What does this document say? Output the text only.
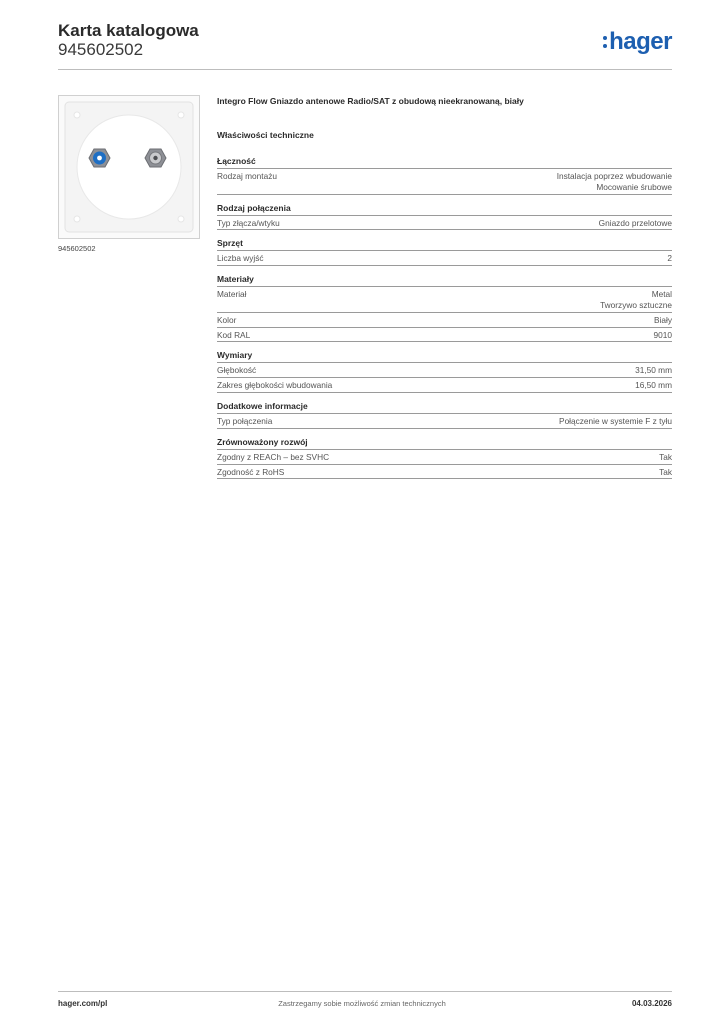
Karta katalogowa
945602502	hager
945602502
Integro Flow Gniazdo antenowe Radio/SAT z obudową nieekranowaną, biały
Właściwości techniczne
Łączność
Rodzaj montażu	Instalacja poprzez wbudowanie
Mocowanie śrubowe
Rodzaj połączenia
Typ złącza/wtyku	Gniazdo przelotowe
Sprzęt
Liczba wyjść	2
Materiały
Materiał	Metal
Tworzywo sztuczne
Kolor	Biały
Kod RAL	9010
Wymiary
Głębokość	31,50 mm
Zakres głębokości wbudowania	16,50 mm
Dodatkowe informacje
Typ połączenia	Połączenie w systemie F z tyłu
Zrównoważony rozwój
Zgodny z REACh – bez SVHC	Tak
Zgodność z RoHS	Tak
hager.com/pl	Zastrzegamy sobie możliwość zmian technicznych	04.03.2026
